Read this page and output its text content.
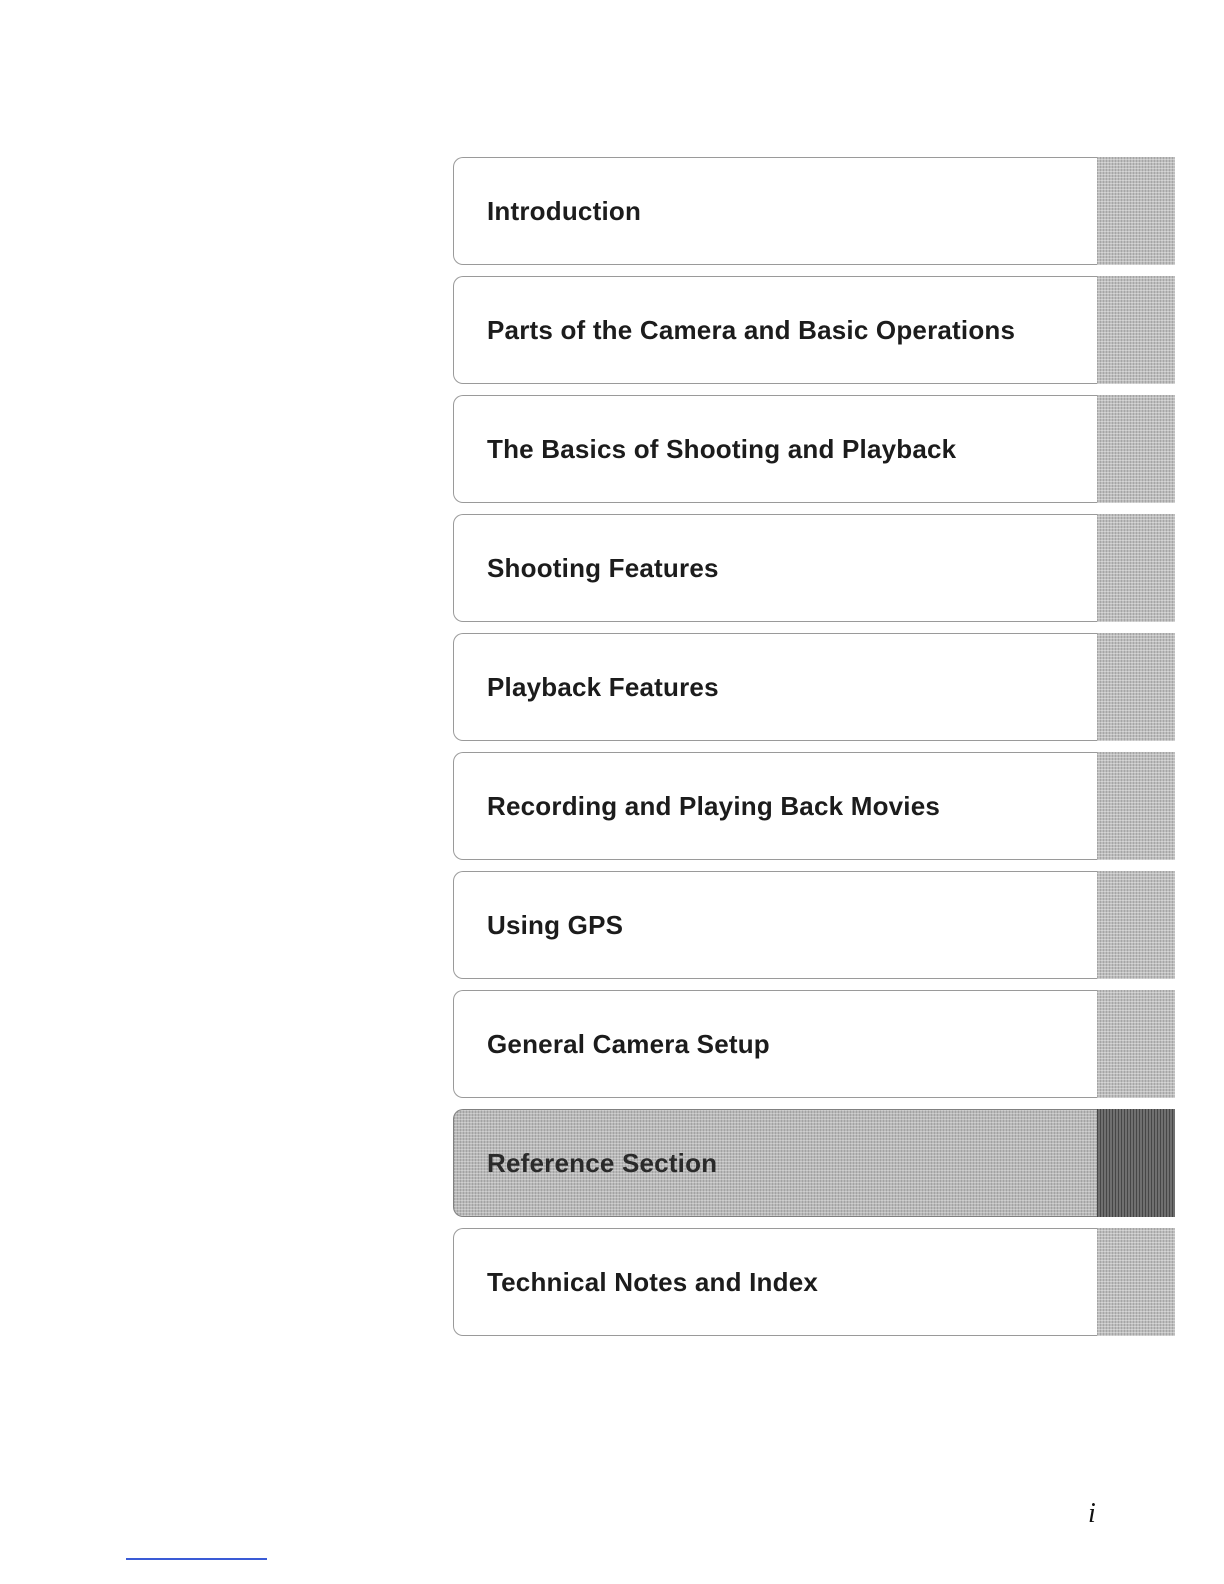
Introduction
Parts of the Camera and Basic Operations
The Basics of Shooting and Playback
Shooting Features
Playback Features
Recording and Playing Back Movies
Using GPS
General Camera Setup
Reference Section
Technical Notes and Index
i
